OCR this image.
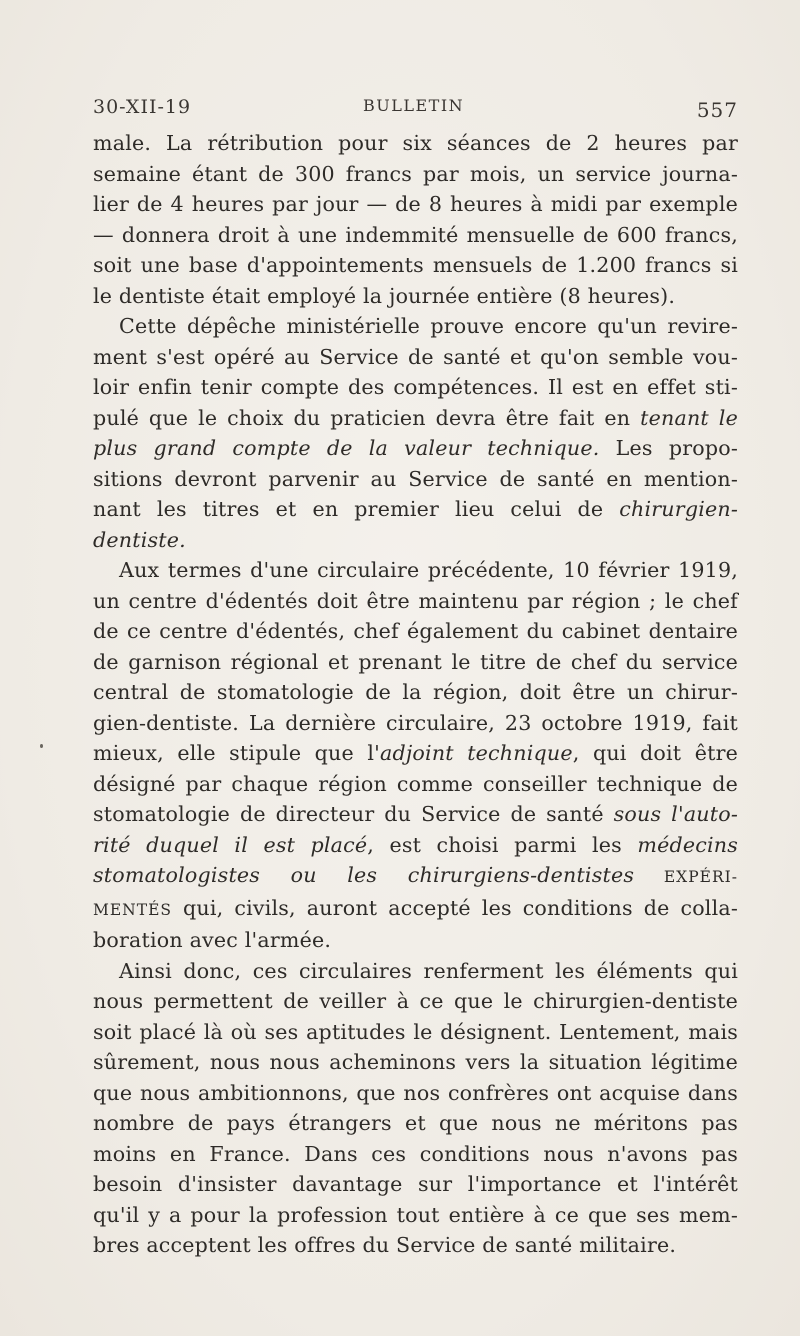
30-XII-19	BULLETIN	557

male. La rétribution pour six séances de 2 heures par
semaine étant de 300 francs par mois, un service journa-
lier de 4 heures par jour — de 8 heures à midi par exemple
— donnera droit à une indemmité mensuelle de 600 francs,
soit une base d'appointements mensuels de 1.200 francs si
le dentiste était employé la journée entière (8 heures).

Cette dépêche ministérielle prouve encore qu'un revire-
ment s'est opéré au Service de santé et qu'on semble vou-
loir enfin tenir compte des compétences. Il est en effet sti-
pulé que le choix du praticien devra être fait en tenant le
plus grand compte de la valeur technique. Les propo-
sitions devront parvenir au Service de santé en mention-
nant les titres et en premier lieu celui de chirurgien-
dentiste.

Aux termes d'une circulaire précédente, 10 février 1919,
un centre d'édentés doit être maintenu par région ; le chef
de ce centre d'édentés, chef également du cabinet dentaire
de garnison régional et prenant le titre de chef du service
central de stomatologie de la région, doit être un chirur-
gien-dentiste. La dernière circulaire, 23 octobre 1919, fait
mieux, elle stipule que l'adjoint technique, qui doit être
désigné par chaque région comme conseiller technique de
stomatologie de directeur du Service de santé sous l'auto-
rité duquel il est placé, est choisi parmi les médecins
stomatologistes ou les chirurgiens-dentistes EXPÉRI-
MENTÉS qui, civils, auront accepté les conditions de colla-
boration avec l'armée.

Ainsi donc, ces circulaires renferment les éléments qui
nous permettent de veiller à ce que le chirurgien-dentiste
soit placé là où ses aptitudes le désignent. Lentement, mais
sûrement, nous nous acheminons vers la situation légitime
que nous ambitionnons, que nos confrères ont acquise dans
nombre de pays étrangers et que nous ne méritons pas
moins en France. Dans ces conditions nous n'avons pas
besoin d'insister davantage sur l'importance et l'intérêt
qu'il y a pour la profession tout entière à ce que ses mem-
bres acceptent les offres du Service de santé militaire.
